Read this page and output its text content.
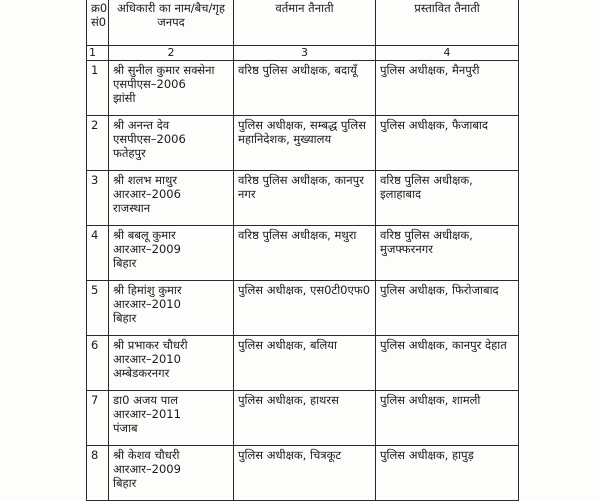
क्र0 सं0	अधिकारी का नाम/बैच/गृह जनपद	वर्तमान तैनाती	प्रस्तावित तैनाती
1	2	3	4
1	श्री सुनील कुमार सक्सेना
एसपीएस–2006
झांसी	वरिष्ठ पुलिस अधीक्षक, बदायूँ	पुलिस अधीक्षक, मैनपुरी
2	श्री अनन्त देव
एसपीएस–2006
फतेहपुर	पुलिस अधीक्षक, सम्बद्ध पुलिस महानिदेशक, मुख्यालय	पुलिस अधीक्षक, फैजाबाद
3	श्री शलभ माथुर
आरआर–2006
राजस्थान	वरिष्ठ पुलिस अधीक्षक, कानपुर नगर	वरिष्ठ पुलिस अधीक्षक, इलाहाबाद
4	श्री बबलू कुमार
आरआर–2009
बिहार	वरिष्ठ पुलिस अधीक्षक, मथुरा	वरिष्ठ पुलिस अधीक्षक, मुजफ्फरनगर
5	श्री हिमांशु कुमार
आरआर–2010
बिहार	पुलिस अधीक्षक, एस0टी0एफ0	पुलिस अधीक्षक, फिरोजाबाद
6	श्री प्रभाकर चौधरी
आरआर–2010
अम्बेडकरनगर	पुलिस अधीक्षक, बलिया	पुलिस अधीक्षक, कानपुर देहात
7	डा0 अजय पाल
आरआर–2011
पंजाब	पुलिस अधीक्षक, हाथरस	पुलिस अधीक्षक, शामली
8	श्री केशव चौधरी
आरआर–2009
बिहार	पुलिस अधीक्षक, चित्रकूट	पुलिस अधीक्षक, हापुड़
